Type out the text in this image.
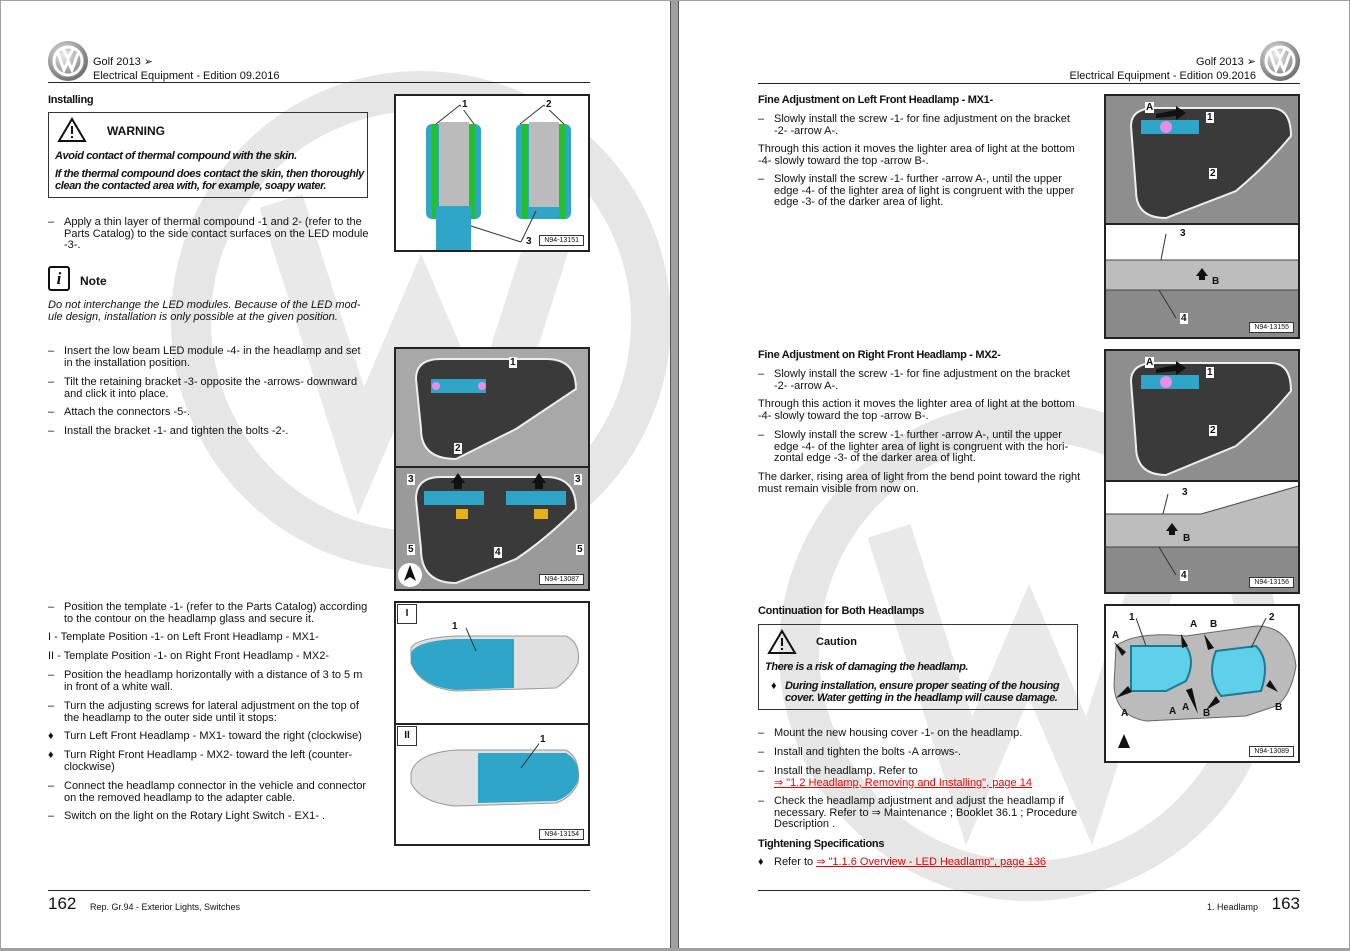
Golf 2013 ➢
Electrical Equipment - Edition 09.2016
Installing
WARNING
Avoid contact of thermal compound with the skin.
If the thermal compound does contact the skin, then thoroughly clean the contacted area with, for example, soapy water.
– Apply a thin layer of thermal compound -1 and 2- (refer to the Parts Catalog) to the side contact surfaces on the LED module -3-.
i	Note
Do not interchange the LED modules. Because of the LED mod-ule design, installation is only possible at the given position.
– Insert the low beam LED module -4- in the headlamp and set in the installation position.
– Tilt the retaining bracket -3- opposite the -arrows- downward and click it into place.
– Attach the connectors -5-.
– Install the bracket -1- and tighten the bolts -2-.
– Position the template -1- (refer to the Parts Catalog) according to the contour on the headlamp glass and secure it.
I - Template Position -1- on Left Front Headlamp - MX1-
II - Template Position -1- on Right Front Headlamp - MX2-
– Position the headlamp horizontally with a distance of 3 to 5 m in front of a white wall.
– Turn the adjusting screws for lateral adjustment on the top of the headlamp to the outer side until it stops:
♦ Turn Left Front Headlamp - MX1- toward the right (clockwise)
♦ Turn Right Front Headlamp - MX2- toward the left (counter-clockwise)
– Connect the headlamp connector in the vehicle and connector on the removed headlamp to the adapter cable.
– Switch on the light on the Rotary Light Switch - EX1- .
1	2
3	N94-13151
1
2
3	3
4
5	5
N94-13087
I
II
1
1
N94-13154
162 Rep. Gr.94 - Exterior Lights, Switches
Golf 2013 ➢
Electrical Equipment - Edition 09.2016
Fine Adjustment on Left Front Headlamp - MX1-
– Slowly install the screw -1- for fine adjustment on the bracket -2- -arrow A-.
Through this action it moves the lighter area of light at the bottom -4- slowly toward the top -arrow B-.
– Slowly install the screw -1- further -arrow A-, until the upper edge -4- of the lighter area of light is congruent with the upper edge -3- of the darker area of light.
Fine Adjustment on Right Front Headlamp - MX2-
– Slowly install the screw -1- for fine adjustment on the bracket -2- -arrow A-.
Through this action it moves the lighter area of light at the bottom -4- slowly toward the top -arrow B-.
– Slowly install the screw -1- further -arrow A-, until the upper edge -4- of the lighter area of light is congruent with the hori-zontal edge -3- of the darker area of light.
The darker, rising area of light from the bend point toward the right must remain visible from now on.
Continuation for Both Headlamps
Caution
There is a risk of damaging the headlamp.
♦ During installation, ensure proper seating of the housing cover. Water getting in the headlamp will cause damage.
– Mount the new housing cover -1- on the headlamp.
– Install and tighten the bolts -A arrows-.
– Install the headlamp. Refer to
⇒ "1.2 Headlamp, Removing and Installing", page 14
– Check the headlamp adjustment and adjust the headlamp if necessary. Refer to ⇒ Maintenance ; Booklet 36.1 ; Procedure Description .
Tightening Specifications
♦ Refer to ⇒ "1.1.6 Overview - LED Headlamp", page 136
A
1
2
3
B
4
N94-13155
A
1
2
3
B
4
N94-13156
1	2
A
A B
A
A
B
B
A
N94-13089
1. Headlamp 163
